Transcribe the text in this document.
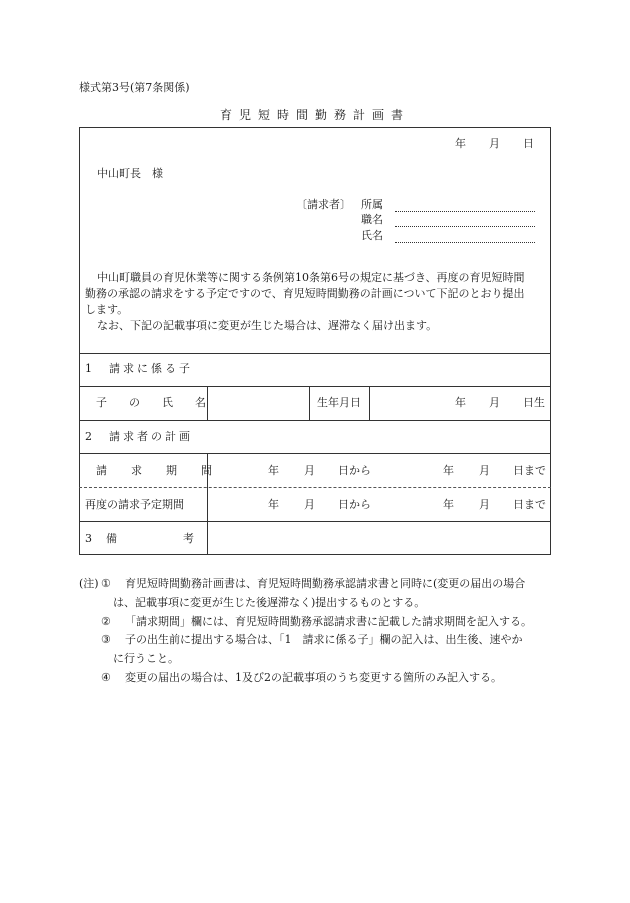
様式第3号(第7条関係)
育児短時間勤務計画書
年 月 日
中山町長　様
〔請求者〕 所属
職名
氏名
中山町職員の育児休業等に関する条例第10条第6号の規定に基づき、再度の育児短時間
勤務の承認の請求をする予定ですので、育児短時間勤務の計画について下記のとおり提出
します。
なお、下記の記載事項に変更が生じた場合は、遅滞なく届け出ます。
1　請求に係る子
子の氏名	生年月日	年 月 日生
2　請求者の計画
請求期間	年 月 日から	年 月 日まで
再度の請求予定期間	年 月 日から	年 月 日まで
3 備考
(注) ① 育児短時間勤務計画書は、育児短時間勤務承認請求書と同時に(変更の届出の場合
は、記載事項に変更が生じた後遅滞なく)提出するものとする。
② 「請求期間」欄には、育児短時間勤務承認請求書に記載した請求期間を記入する。
③ 子の出生前に提出する場合は、「1　請求に係る子」欄の記入は、出生後、速やか
に行うこと。
④ 変更の届出の場合は、1及び2の記載事項のうち変更する箇所のみ記入する。
